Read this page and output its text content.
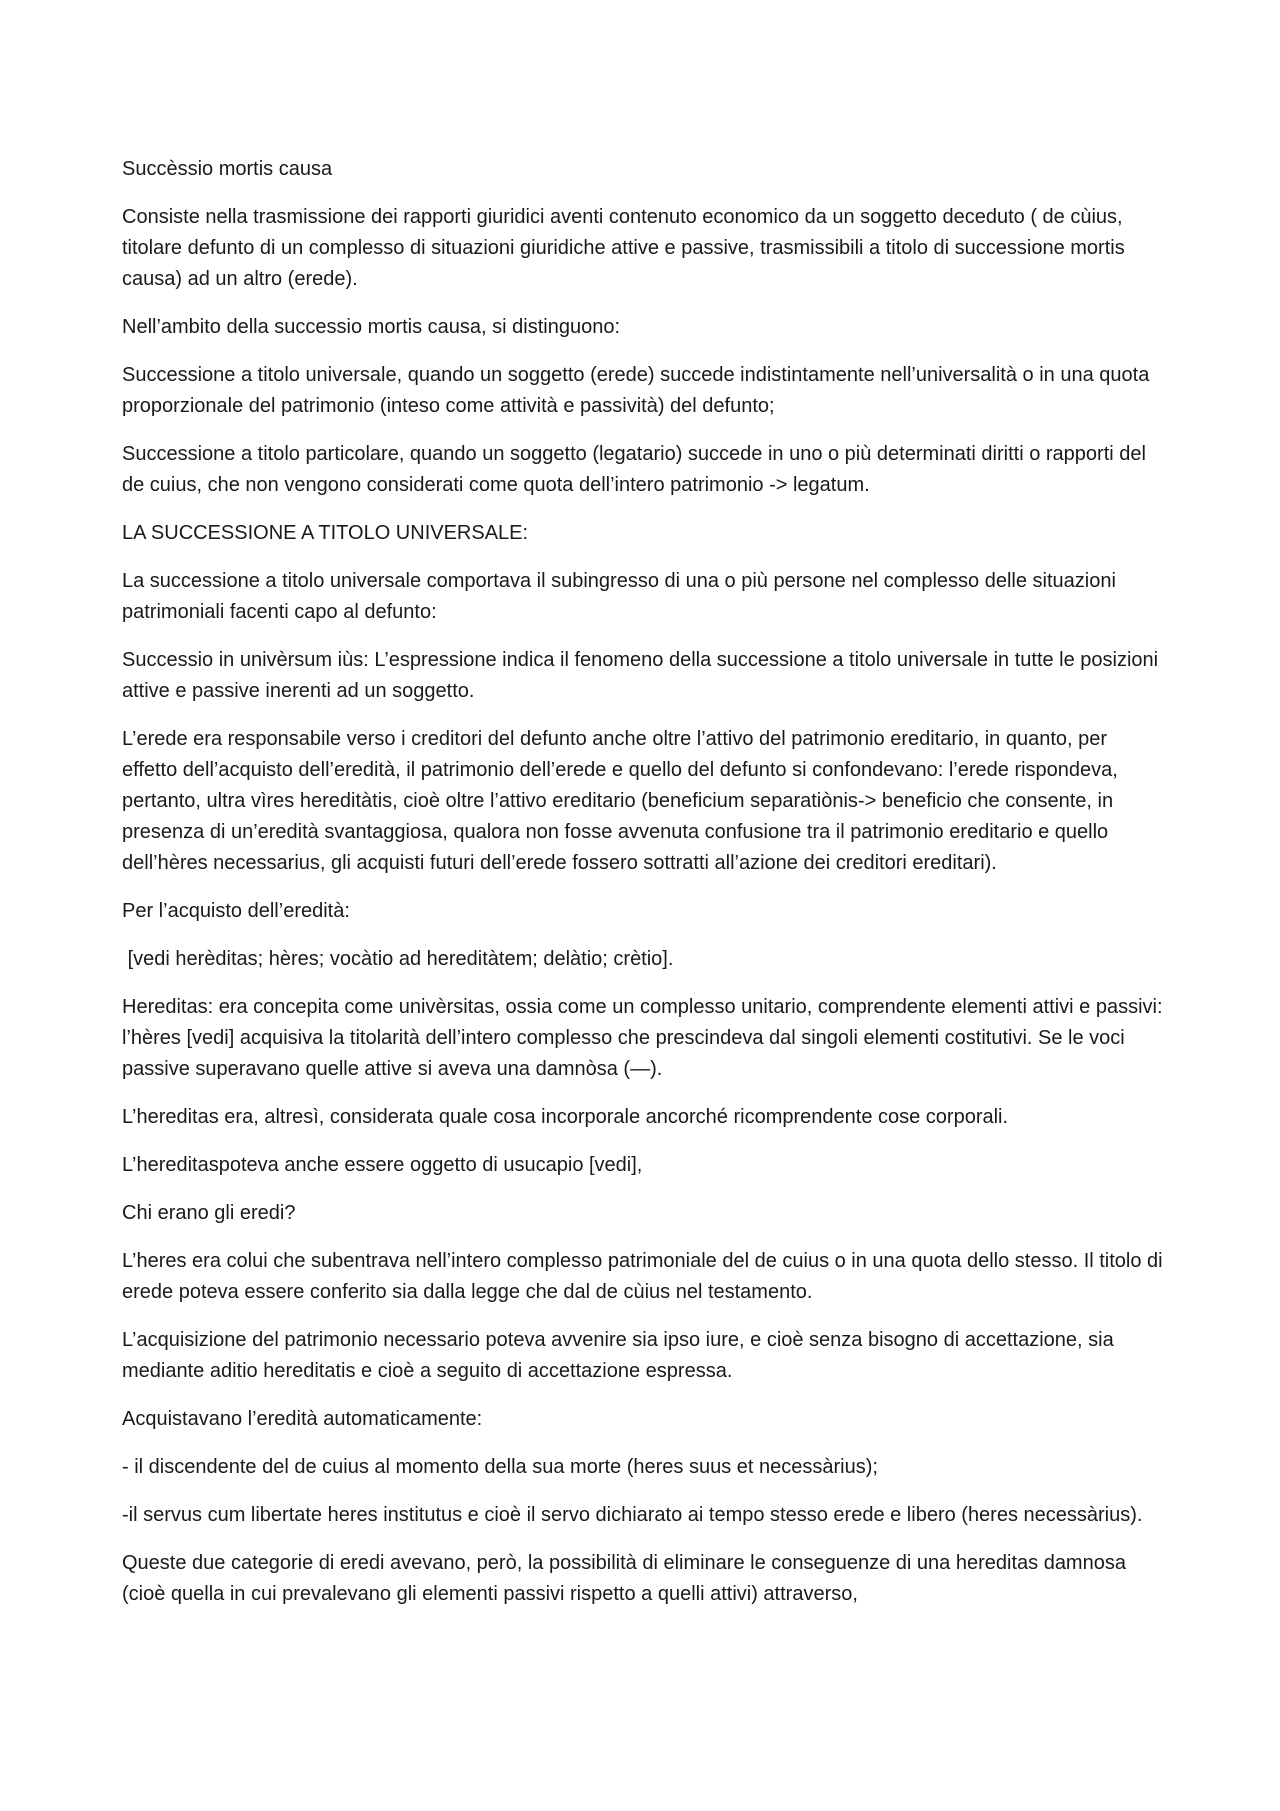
Succèssio mortis causa

Consiste nella trasmissione dei rapporti giuridici aventi contenuto economico da un soggetto deceduto ( de cùius, titolare defunto di un complesso di situazioni giuridiche attive e passive, trasmissibili a titolo di successione mortis causa) ad un altro (erede).

Nell’ambito della successio mortis causa, si distinguono:

Successione a titolo universale, quando un soggetto (erede) succede indistintamente nell’universalità o in una quota proporzionale del patrimonio (inteso come attività e passività) del defunto;

Successione a titolo particolare, quando un soggetto (legatario) succede in uno o più determinati diritti o rapporti del de cuius, che non vengono considerati come quota dell’intero patrimonio -> legatum.

LA SUCCESSIONE A TITOLO UNIVERSALE:

La successione a titolo universale comportava il subingresso di una o più persone nel complesso delle situazioni patrimoniali facenti capo al defunto:

Successio in univèrsum iùs: L’espressione indica il fenomeno della successione a titolo universale in tutte le posizioni attive e passive inerenti ad un soggetto.

L’erede era responsabile verso i creditori del defunto anche oltre l’attivo del patrimonio ereditario, in quanto, per effetto dell’acquisto dell’eredità, il patrimonio dell’erede e quello del defunto si confondevano: l’erede rispondeva, pertanto, ultra vìres hereditàtis, cioè oltre l’attivo ereditario (beneficium separatiònis-> beneficio che consente, in presenza di un’eredità svantaggiosa, qualora non fosse avvenuta confusione tra il patrimonio ereditario e quello dell’hères necessarius, gli acquisti futuri dell’erede fossero sottratti all’azione dei creditori ereditari).

Per l’acquisto dell’eredità:

[vedi herèditas; hères; vocàtio ad hereditàtem; delàtio; crètio].

Hereditas: era concepita come univèrsitas, ossia come un complesso unitario, comprendente elementi attivi e passivi: l’hères [vedi] acquisiva la titolarità dell’intero complesso che prescindeva dal singoli elementi costitutivi. Se le voci passive superavano quelle attive si aveva una damnòsa (—).

L’hereditas era, altresì, considerata quale cosa incorporale ancorché ricomprendente cose corporali.

L’hereditaspoteva anche essere oggetto di usucapio [vedi],

Chi erano gli eredi?

L’heres era colui che subentrava nell’intero complesso patrimoniale del de cuius o in una quota dello stesso. Il titolo di erede poteva essere conferito sia dalla legge che dal de cùius nel testamento.

L’acquisizione del patrimonio necessario poteva avvenire sia ipso iure, e cioè senza bisogno di accettazione, sia mediante aditio hereditatis e cioè a seguito di accettazione espressa.

Acquistavano l’eredità automaticamente:

- il discendente del de cuius al momento della sua morte (heres suus et necessàrius);

-il servus cum libertate heres institutus e cioè il servo dichiarato ai tempo stesso erede e libero (heres necessàrius).

Queste due categorie di eredi avevano, però, la possibilità di eliminare le conseguenze di una hereditas damnosa (cioè quella in cui prevalevano gli elementi passivi rispetto a quelli attivi) attraverso,
